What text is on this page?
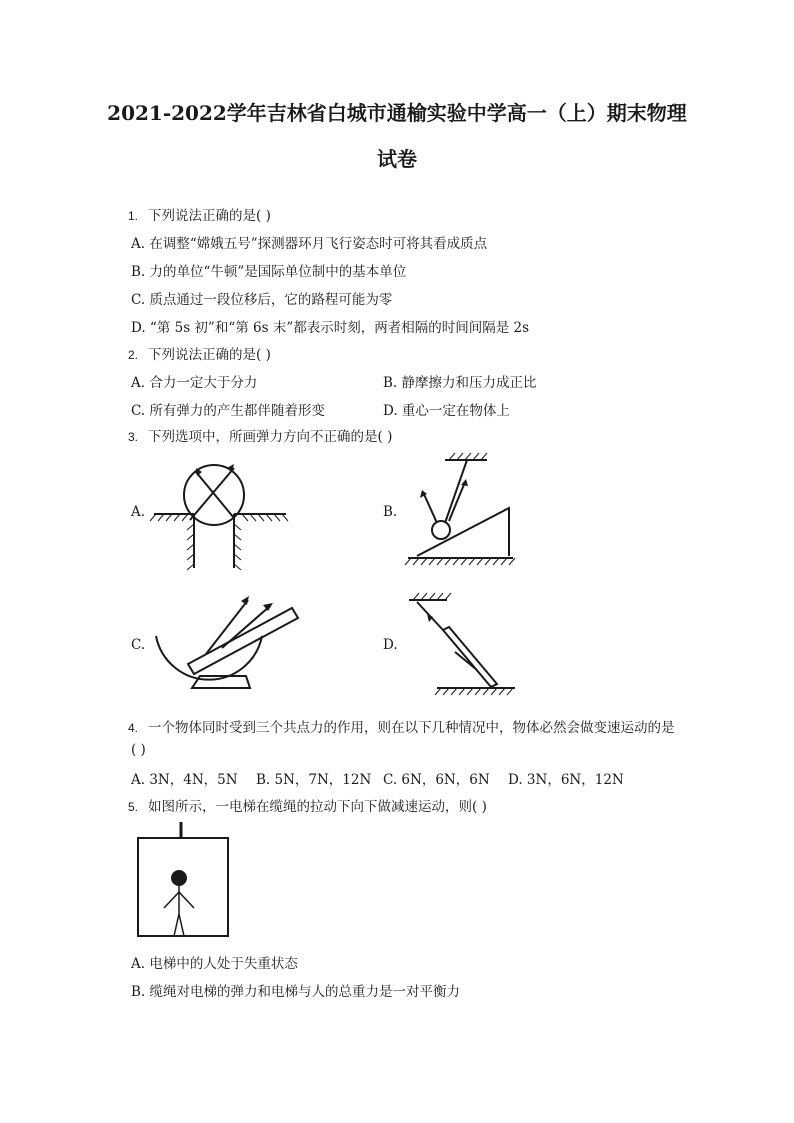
2021-2022学年吉林省白城市通榆实验中学高一（上）期末物理
试卷
1. 下列说法正确的是( )
A. 在调整“嫦娥五号”探测器环月飞行姿态时可将其看成质点
B. 力的单位“牛顿”是国际单位制中的基本单位
C. 质点通过一段位移后，它的路程可能为零
D. “第 5s 初”和“第 6s 末”都表示时刻，两者相隔的时间间隔是 2s
2. 下列说法正确的是( )
A. 合力一定大于分力	B. 静摩擦力和压力成正比
C. 所有弹力的产生都伴随着形变	D. 重心一定在物体上
3. 下列选项中，所画弹力方向不正确的是( )
A.	B.
C.	D.
4. 一个物体同时受到三个共点力的作用，则在以下几种情况中，物体必然会做变速运动的是
( )
A. 3N，4N，5N B. 5N，7N，12N C. 6N，6N，6N D. 3N，6N，12N
5. 如图所示，一电梯在缆绳的拉动下向下做减速运动，则( )
A. 电梯中的人处于失重状态
B. 缆绳对电梯的弹力和电梯与人的总重力是一对平衡力
